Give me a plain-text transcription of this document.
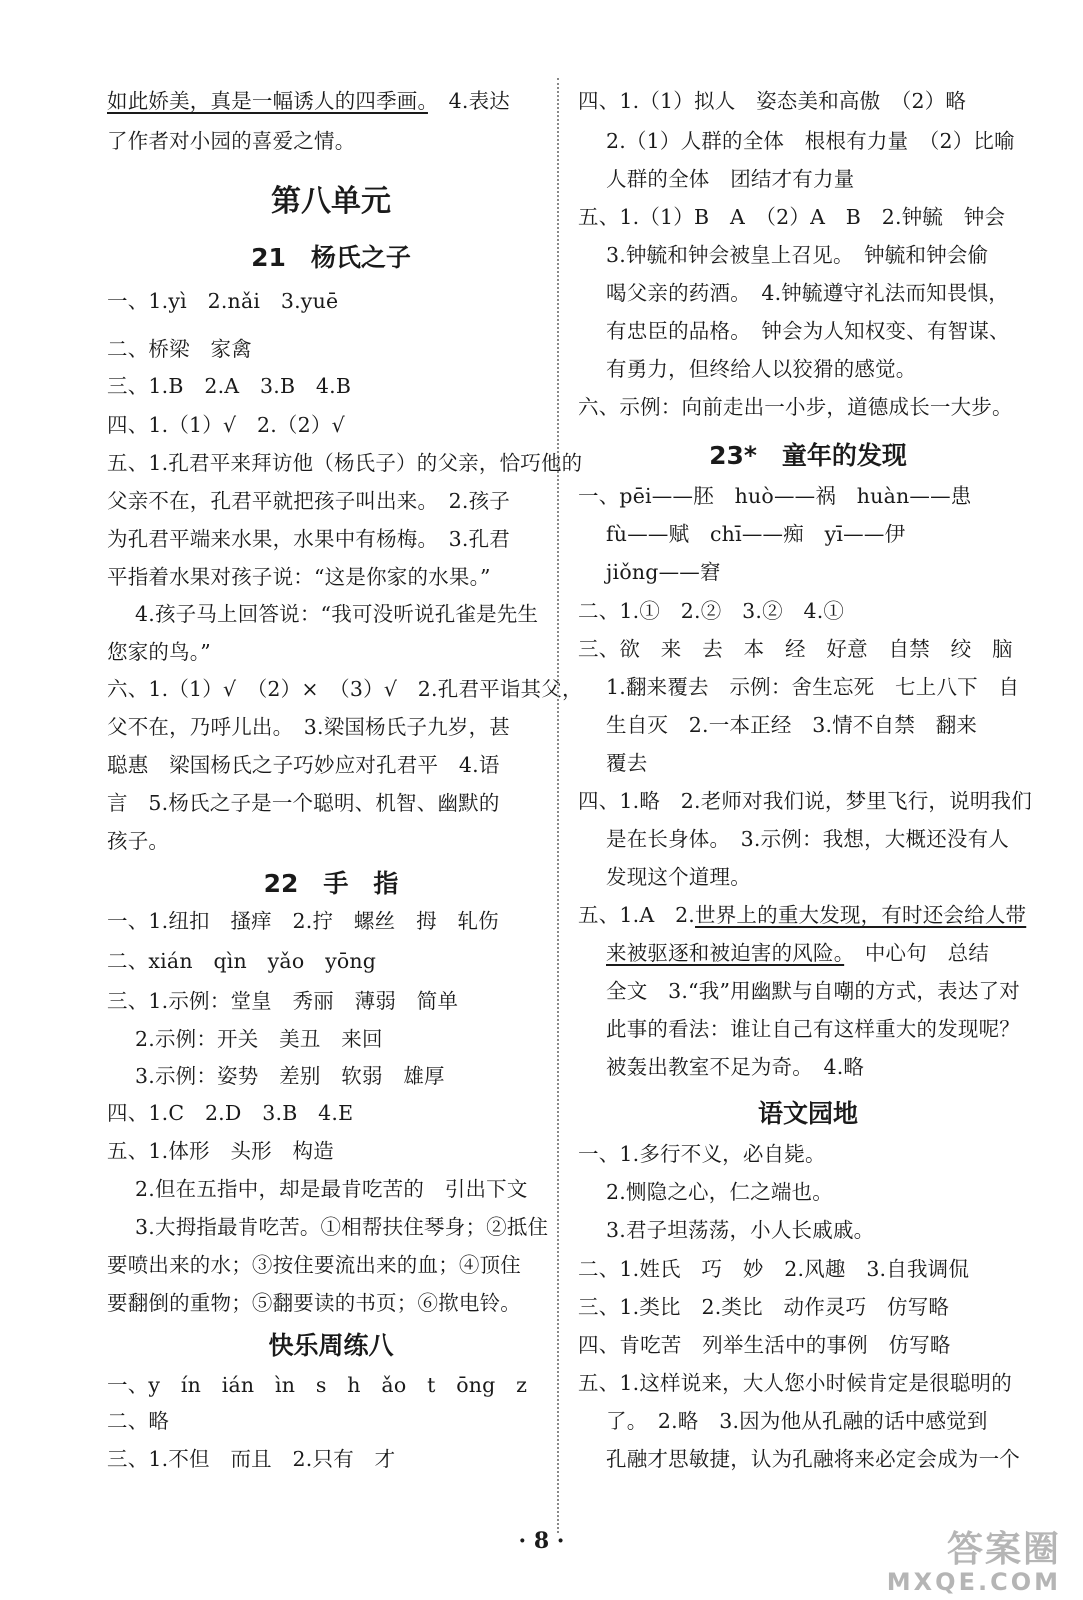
如此娇美，真是一幅诱人的四季画。　4.表达
了作者对小园的喜爱之情。
第八单元
21　杨氏之子
一、1.yì　2.nǎi　3.yuē
二、桥梁　家禽
三、1.B　2.A　3.B　4.B
四、1.（1）√　2.（2）√
五、1.孔君平来拜访他（杨氏子）的父亲，恰巧他的
父亲不在，孔君平就把孩子叫出来。　2.孩子
为孔君平端来水果，水果中有杨梅。　3.孔君
平指着水果对孩子说：“这是你家的水果。”
4.孩子马上回答说：“我可没听说孔雀是先生
您家的鸟。”
六、1.（1）√　（2）×　（3）√　2.孔君平诣其父，
父不在，乃呼儿出。　3.梁国杨氏子九岁，甚
聪惠　梁国杨氏之子巧妙应对孔君平　4.语
言　5.杨氏之子是一个聪明、机智、幽默的
孩子。
22　手　指
一、1.纽扣　搔痒　2.拧　螺丝　拇　轧伤
二、xián　qìn　yǎo　yōng
三、1.示例：堂皇　秀丽　薄弱　简单
2.示例：开关　美丑　来回
3.示例：姿势　差别　软弱　雄厚
四、1.C　2.D　3.B　4.E
五、1.体形　头形　构造
2.但在五指中，却是最肯吃苦的　引出下文
3.大拇指最肯吃苦。①相帮扶住琴身；②抵住
要喷出来的水；③按住要流出来的血；④顶住
要翻倒的重物；⑤翻要读的书页；⑥揿电铃。
快乐周练八
一、y　ín　ián　ìn　s　h　ǎo　t　ōng　z
二、略
三、1.不但　而且　2.只有　才
四、1.（1）拟人　姿态美和高傲　（2）略
2.（1）人群的全体　根根有力量　（2）比喻
人群的全体　团结才有力量
五、1.（1）B　A　（2）A　B　2.钟毓　钟会
3.钟毓和钟会被皇上召见。　钟毓和钟会偷
喝父亲的药酒。　4.钟毓遵守礼法而知畏惧，
有忠臣的品格。　钟会为人知权变、有智谋、
有勇力，但终给人以狡猾的感觉。
六、示例：向前走出一小步，道德成长一大步。
23*　童年的发现
一、pēi——胚　huò——祸　huàn——患
fù——赋　chī——痴　yī——伊
jiǒng——窘
二、1.①　2.②　3.②　4.①
三、欲　来　去　本　经　好意　自禁　绞　脑
1.翻来覆去　示例：舍生忘死　七上八下　自
生自灭　2.一本正经　3.情不自禁　翻来
覆去
四、1.略　2.老师对我们说，梦里飞行，说明我们
是在长身体。　3.示例：我想，大概还没有人
发现这个道理。
五、1.A　2.世界上的重大发现，有时还会给人带
来被驱逐和被迫害的风险。　中心句　总结
全文　3.“我”用幽默与自嘲的方式，表达了对
此事的看法：谁让自己有这样重大的发现呢？
被轰出教室不足为奇。　4.略
语文园地
一、1.多行不义，必自毙。
2.恻隐之心，仁之端也。
3.君子坦荡荡，小人长戚戚。
二、1.姓氏　巧　妙　2.风趣　3.自我调侃
三、1.类比　2.类比　动作灵巧　仿写略
四、肯吃苦　列举生活中的事例　仿写略
五、1.这样说来，大人您小时候肯定是很聪明的
了。　2.略　3.因为他从孔融的话中感觉到
孔融才思敏捷，认为孔融将来必定会成为一个
· 8 ·	答案圈
MXQE.COM
